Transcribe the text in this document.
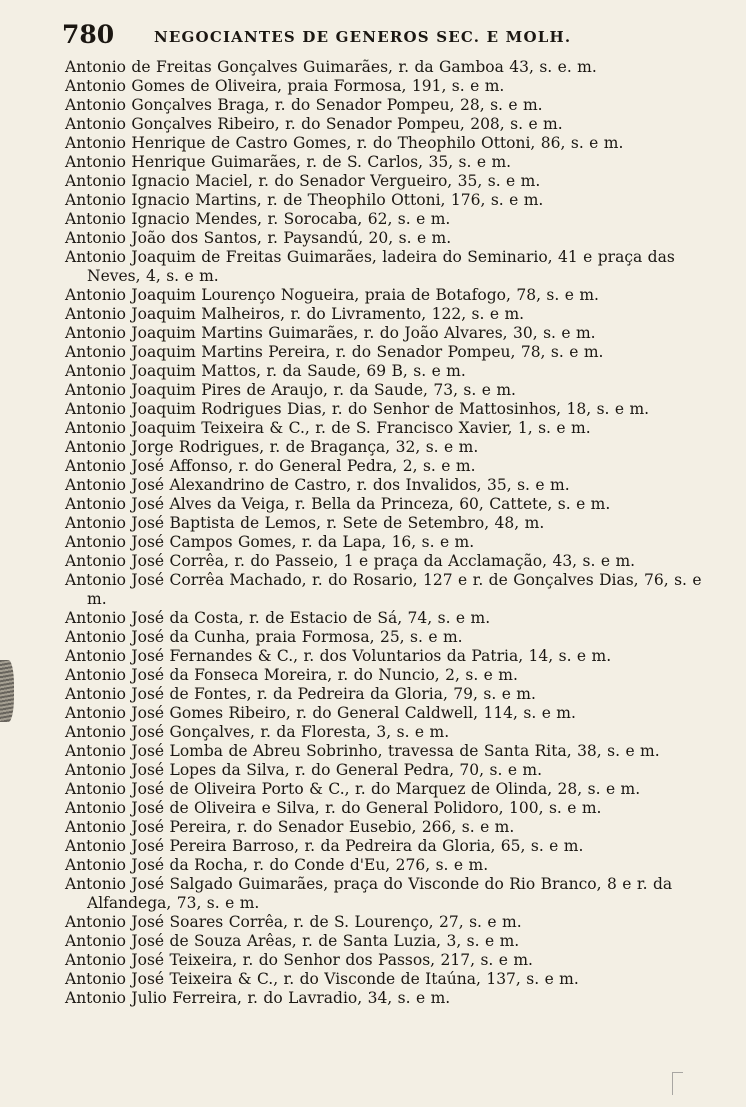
780	NEGOCIANTES DE GENEROS SEC. E MOLH.
Antonio de Freitas Gonçalves Guimarães, r. da Gamboa 43, s. e. m.
Antonio Gomes de Oliveira, praia Formosa, 191, s. e m.
Antonio Gonçalves Braga, r. do Senador Pompeu, 28, s. e m.
Antonio Gonçalves Ribeiro, r. do Senador Pompeu, 208, s. e m.
Antonio Henrique de Castro Gomes, r. do Theophilo Ottoni, 86, s. e m.
Antonio Henrique Guimarães, r. de S. Carlos, 35, s. e m.
Antonio Ignacio Maciel, r. do Senador Vergueiro, 35, s. e m.
Antonio Ignacio Martins, r. de Theophilo Ottoni, 176, s. e m.
Antonio Ignacio Mendes, r. Sorocaba, 62, s. e m.
Antonio João dos Santos, r. Paysandú, 20, s. e m.
Antonio Joaquim de Freitas Guimarães, ladeira do Seminario, 41 e praça das Neves, 4, s. e m.
Antonio Joaquim Lourenço Nogueira, praia de Botafogo, 78, s. e m.
Antonio Joaquim Malheiros, r. do Livramento, 122, s. e m.
Antonio Joaquim Martins Guimarães, r. do João Alvares, 30, s. e m.
Antonio Joaquim Martins Pereira, r. do Senador Pompeu, 78, s. e m.
Antonio Joaquim Mattos, r. da Saude, 69 B, s. e m.
Antonio Joaquim Pires de Araujo, r. da Saude, 73, s. e m.
Antonio Joaquim Rodrigues Dias, r. do Senhor de Mattosinhos, 18, s. e m.
Antonio Joaquim Teixeira & C., r. de S. Francisco Xavier, 1, s. e m.
Antonio Jorge Rodrigues, r. de Bragança, 32, s. e m.
Antonio José Affonso, r. do General Pedra, 2, s. e m.
Antonio José Alexandrino de Castro, r. dos Invalidos, 35, s. e m.
Antonio José Alves da Veiga, r. Bella da Princeza, 60, Cattete, s. e m.
Antonio José Baptista de Lemos, r. Sete de Setembro, 48, m.
Antonio José Campos Gomes, r. da Lapa, 16, s. e m.
Antonio José Corrêa, r. do Passeio, 1 e praça da Acclamação, 43, s. e m.
Antonio José Corrêa Machado, r. do Rosario, 127 e r. de Gonçalves Dias, 76, s. e m.
Antonio José da Costa, r. de Estacio de Sá, 74, s. e m.
Antonio José da Cunha, praia Formosa, 25, s. e m.
Antonio José Fernandes & C., r. dos Voluntarios da Patria, 14, s. e m.
Antonio José da Fonseca Moreira, r. do Nuncio, 2, s. e m.
Antonio José de Fontes, r. da Pedreira da Gloria, 79, s. e m.
Antonio José Gomes Ribeiro, r. do General Caldwell, 114, s. e m.
Antonio José Gonçalves, r. da Floresta, 3, s. e m.
Antonio José Lomba de Abreu Sobrinho, travessa de Santa Rita, 38, s. e m.
Antonio José Lopes da Silva, r. do General Pedra, 70, s. e m.
Antonio José de Oliveira Porto & C., r. do Marquez de Olinda, 28, s. e m.
Antonio José de Oliveira e Silva, r. do General Polidoro, 100, s. e m.
Antonio José Pereira, r. do Senador Eusebio, 266, s. e m.
Antonio José Pereira Barroso, r. da Pedreira da Gloria, 65, s. e m.
Antonio José da Rocha, r. do Conde d'Eu, 276, s. e m.
Antonio José Salgado Guimarães, praça do Visconde do Rio Branco, 8 e r. da Alfandega, 73, s. e m.
Antonio José Soares Corrêa, r. de S. Lourenço, 27, s. e m.
Antonio José de Souza Arêas, r. de Santa Luzia, 3, s. e m.
Antonio José Teixeira, r. do Senhor dos Passos, 217, s. e m.
Antonio José Teixeira & C., r. do Visconde de Itaúna, 137, s. e m.
Antonio Julio Ferreira, r. do Lavradio, 34, s. e m.
